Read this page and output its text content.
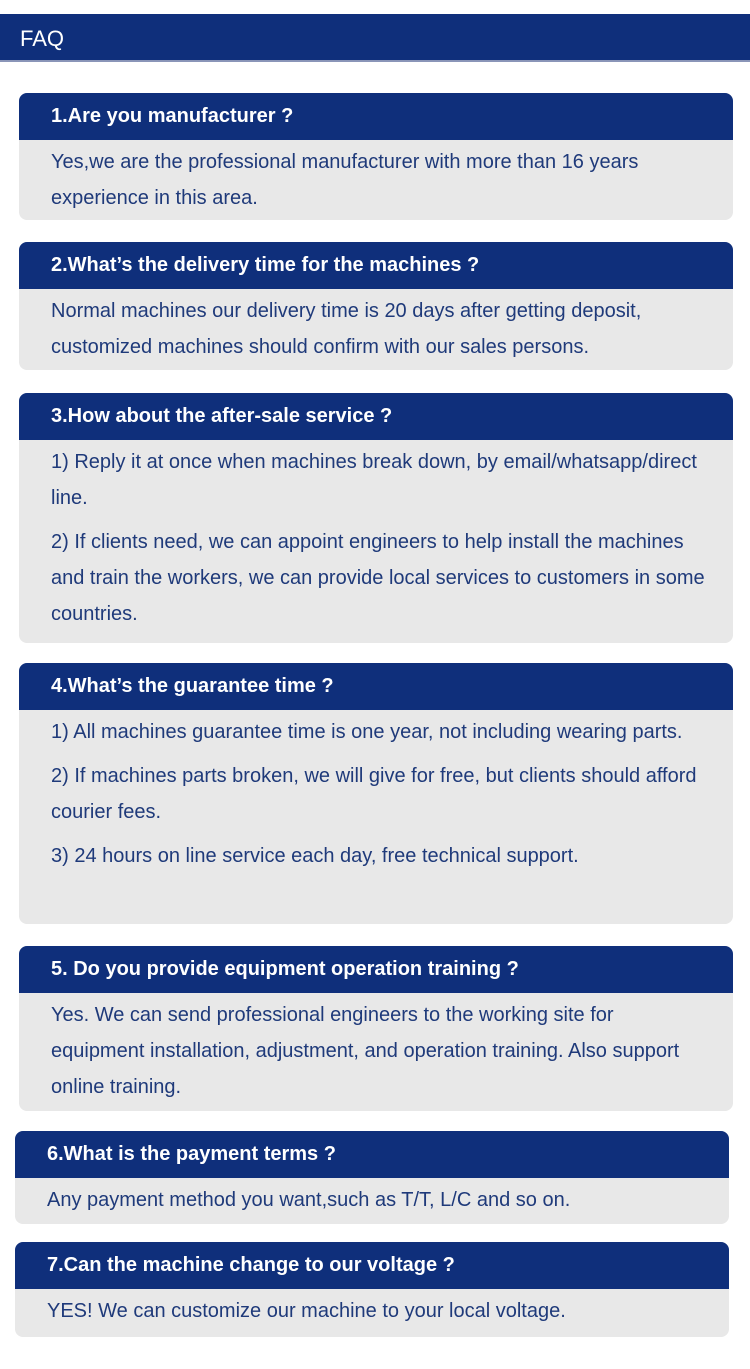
FAQ
1.Are you manufacturer ?

Yes,we are the professional manufacturer with more than 16 years experience in this area.

2.What’s the delivery time for the machines ?

Normal machines our delivery time is 20 days after getting deposit, customized machines should confirm with our sales persons.

3.How about the after-sale service ?

1) Reply it at once when machines break down, by email/whatsapp/direct line.

2) If clients need, we can appoint engineers to help install the machines and train the workers, we can provide local services to customers in some countries.

4.What’s the guarantee time ?

1) All machines guarantee time is one year, not including wearing parts.

2) If machines parts broken, we will give for free, but clients should afford courier fees.

3) 24 hours on line service each day, free technical support.

5. Do you provide equipment operation training ?

Yes. We can send professional engineers to the working site for equipment installation, adjustment, and operation training. Also support online training.

6.What is the payment terms ?

Any payment method you want,such as T/T, L/C and so on.

7.Can the machine change to our voltage ?

YES! We can customize our machine to your local voltage.
